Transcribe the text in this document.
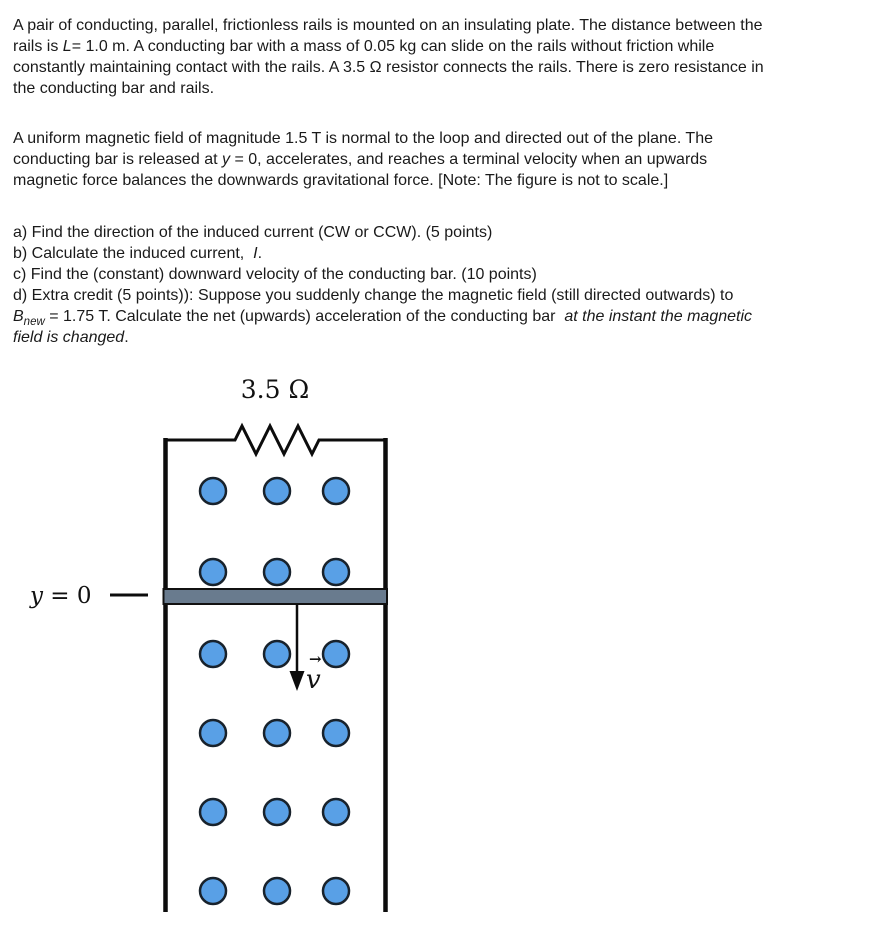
A pair of conducting, parallel, frictionless rails is mounted on an insulating plate. The distance between the
rails is L= 1.0 m. A conducting bar with a mass of 0.05 kg can slide on the rails without friction while
constantly maintaining contact with the rails. A 3.5 Ω resistor connects the rails. There is zero resistance in
the conducting bar and rails.
A uniform magnetic field of magnitude 1.5 T is normal to the loop and directed out of the plane. The
conducting bar is released at y = 0, accelerates, and reaches a terminal velocity when an upwards
magnetic force balances the downwards gravitational force. [Note: The figure is not to scale.]
a) Find the direction of the induced current (CW or CCW). (5 points)
b) Calculate the induced current,  I.
c) Find the (constant) downward velocity of the conducting bar. (10 points)
d) Extra credit (5 points)): Suppose you suddenly change the magnetic field (still directed outwards) to
$B_{new} = 1.75$ T. Calculate the net (upwards) acceleration of the conducting bar  at the instant the magnetic
field is changed.
3.5 Ω
y = 0
→
v
